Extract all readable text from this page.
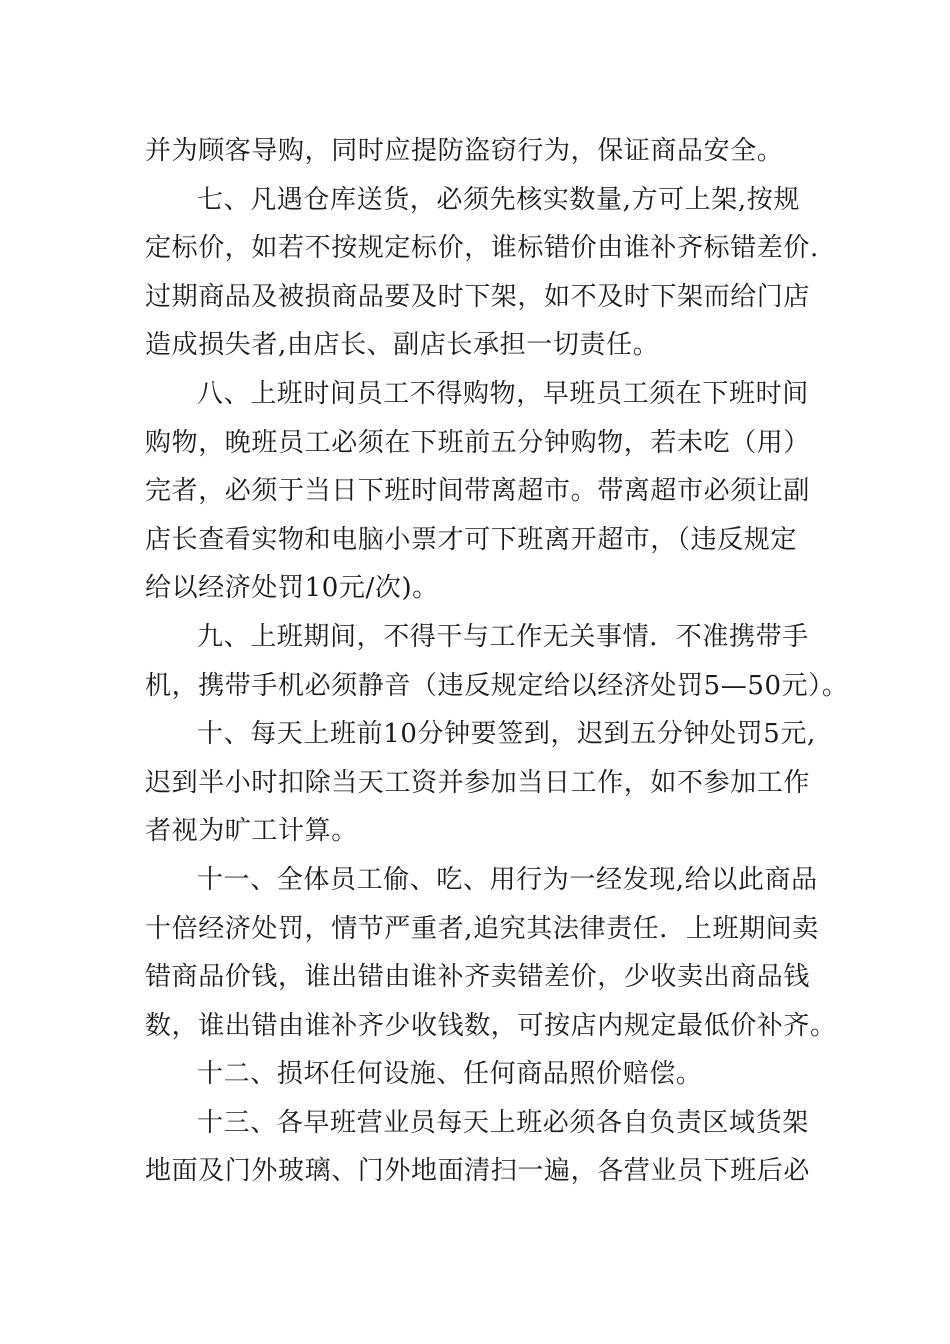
并为顾客导购，同时应提防盗窃行为，保证商品安全。
七、凡遇仓库送货，必须先核实数量,方可上架,按规
定标价，如若不按规定标价，谁标错价由谁补齐标错差价.
过期商品及被损商品要及时下架，如不及时下架而给门店
造成损失者,由店长、副店长承担一切责任。
八、上班时间员工不得购物，早班员工须在下班时间
购物，晚班员工必须在下班前五分钟购物，若未吃（用）
完者，必须于当日下班时间带离超市。带离超市必须让副
店长查看实物和电脑小票才可下班离开超市，（违反规定
给以经济处罚10元/次)。
九、上班期间，不得干与工作无关事情．不准携带手
机，携带手机必须静音（违反规定给以经济处罚5—50元）。
十、每天上班前10分钟要签到，迟到五分钟处罚5元,
迟到半小时扣除当天工资并参加当日工作，如不参加工作
者视为旷工计算。
十一、全体员工偷、吃、用行为一经发现,给以此商品
十倍经济处罚，情节严重者,追究其法律责任．上班期间卖
错商品价钱，谁出错由谁补齐卖错差价，少收卖出商品钱
数，谁出错由谁补齐少收钱数，可按店内规定最低价补齐。
十二、损坏任何设施、任何商品照价赔偿。
十三、各早班营业员每天上班必须各自负责区域货架
地面及门外玻璃、门外地面清扫一遍，各营业员下班后必
